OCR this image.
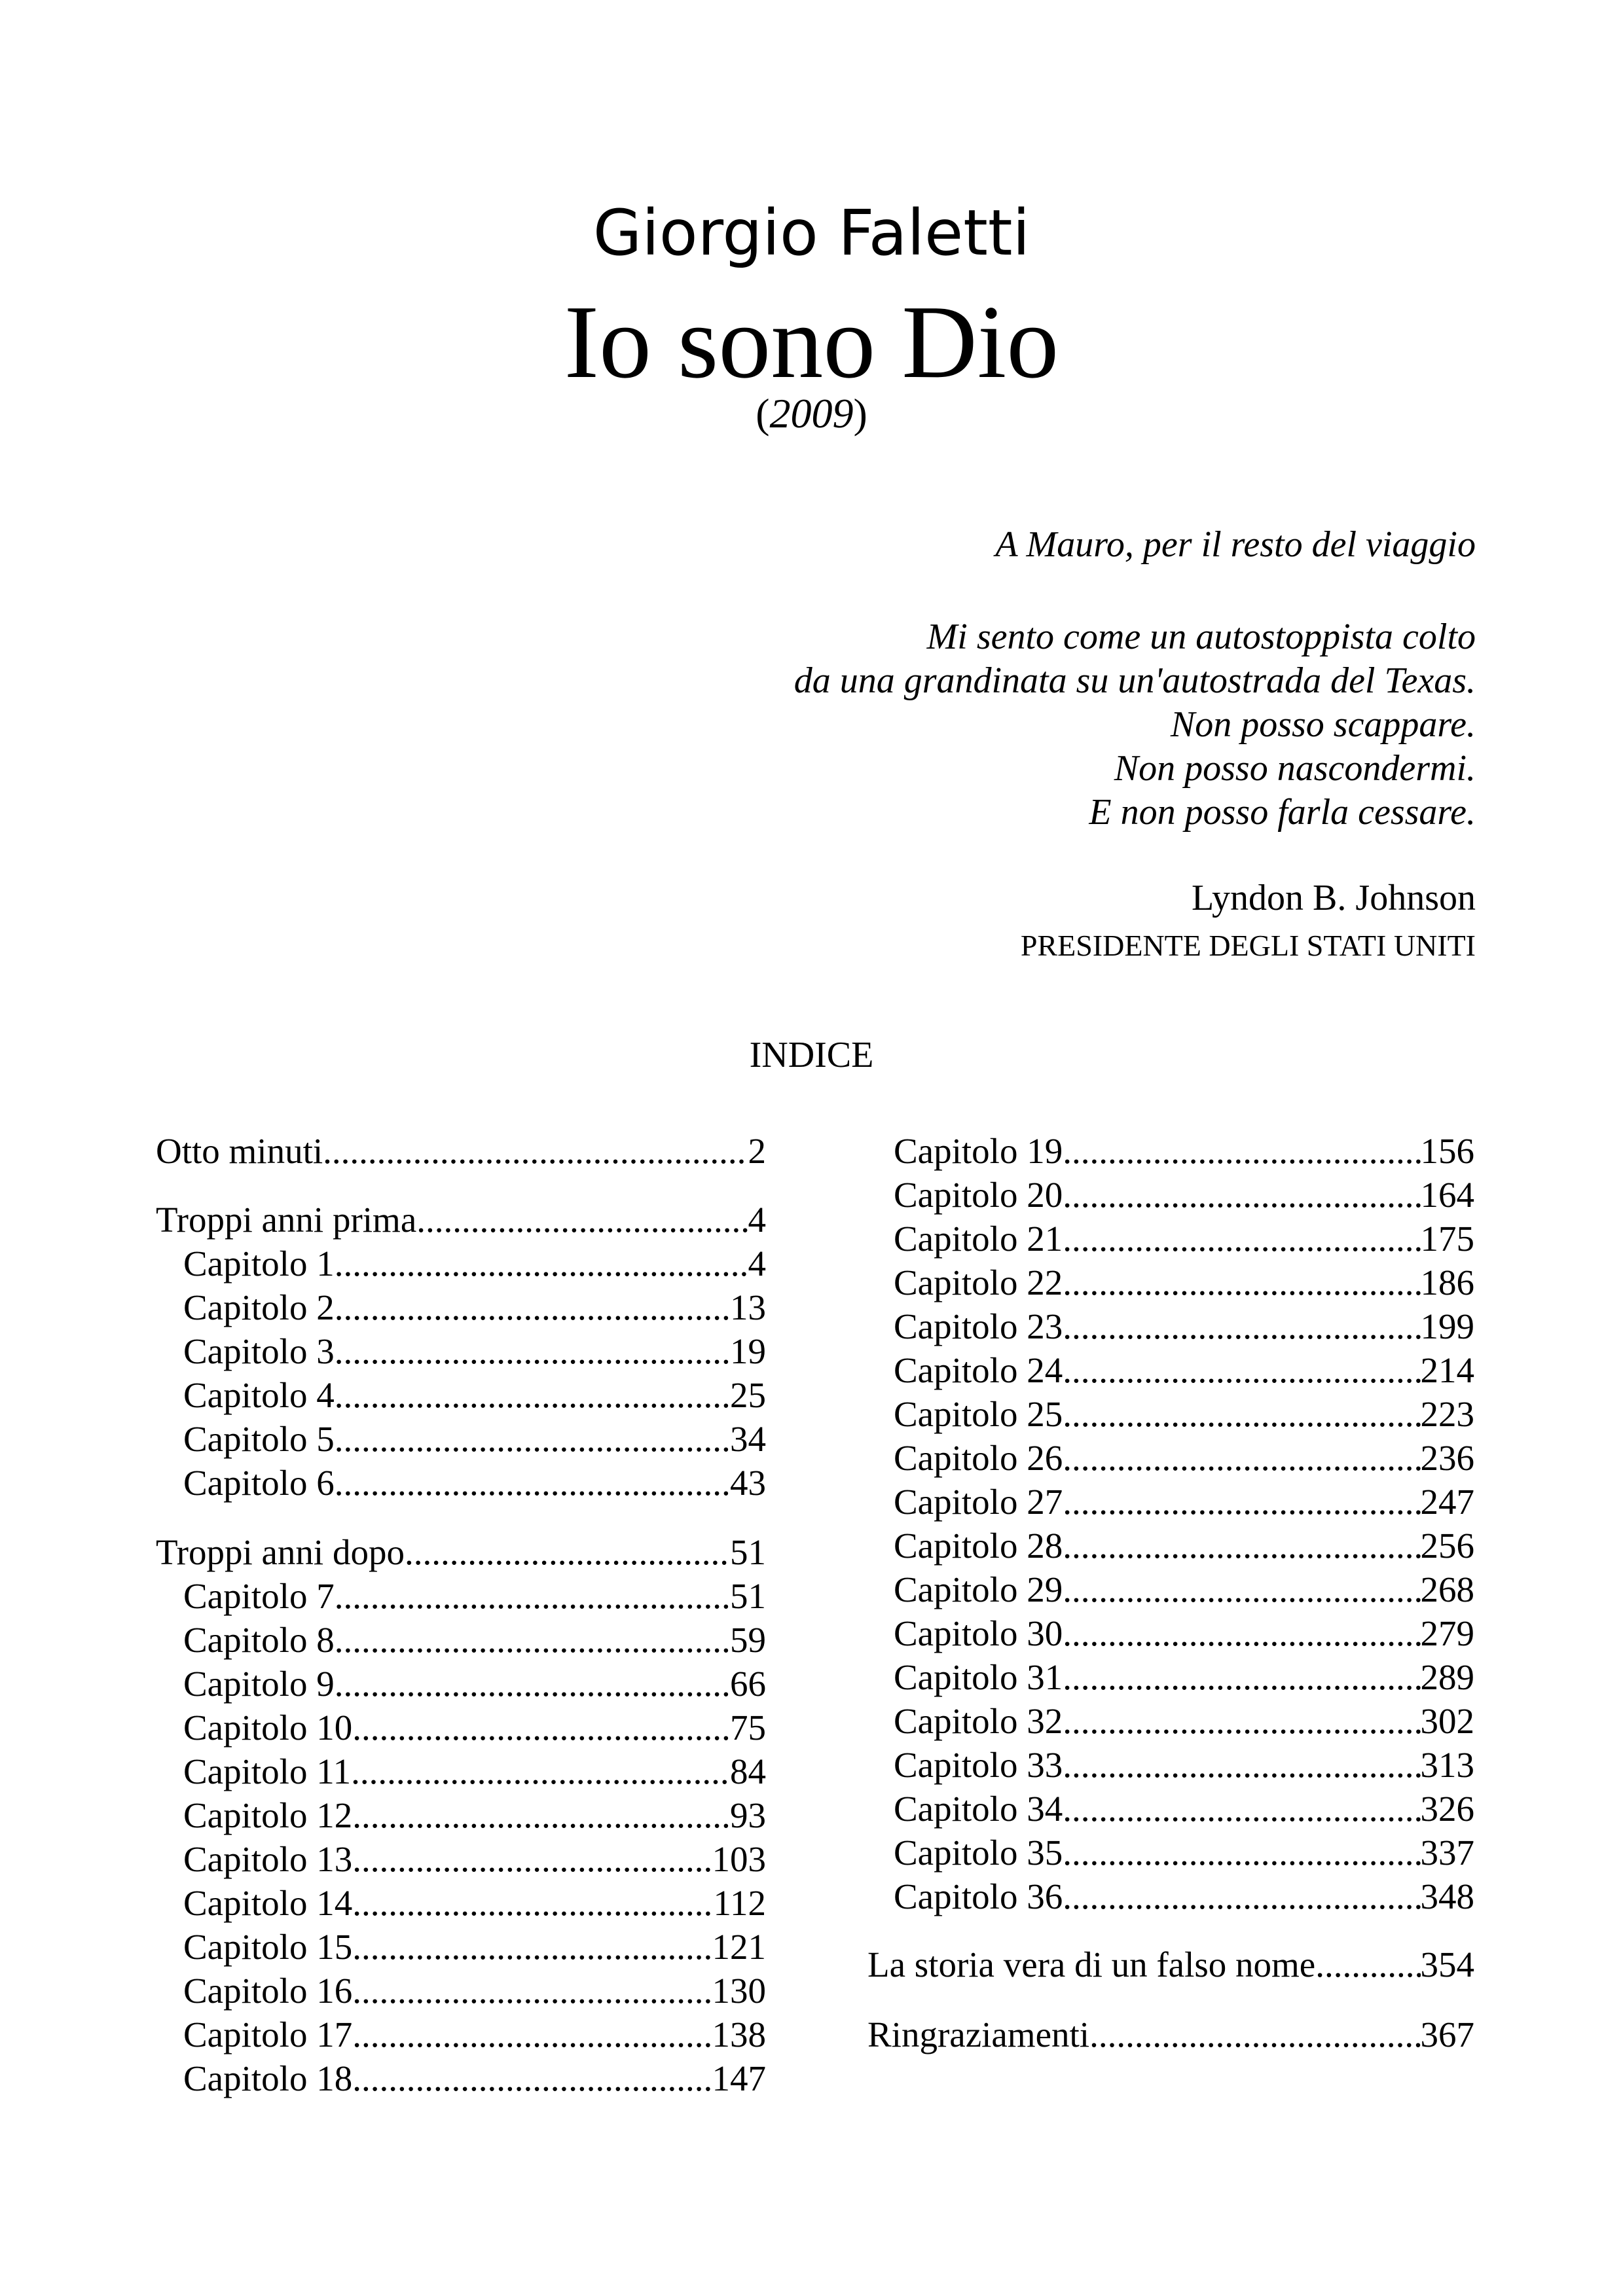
Giorgio Faletti
Io sono Dio
(2009)
A Mauro, per il resto del viaggio
Mi sento come un autostoppista colto
da una grandinata su un'autostrada del Texas.
Non posso scappare.
Non posso nascondermi.
E non posso farla cessare.
Lyndon B. Johnson
PRESIDENTE DEGLI STATI UNITI
INDICE
Otto minuti .....	2
Troppi anni prima .....	4
Capitolo 1 .....	4
Capitolo 2 .....	13
Capitolo 3 .....	19
Capitolo 4 .....	25
Capitolo 5 .....	34
Capitolo 6 .....	43
Troppi anni dopo .....	51
Capitolo 7 .....	51
Capitolo 8 .....	59
Capitolo 9 .....	66
Capitolo 10 .....	75
Capitolo 11 .....	84
Capitolo 12 .....	93
Capitolo 13 .....	103
Capitolo 14 .....	112
Capitolo 15 .....	121
Capitolo 16 .....	130
Capitolo 17 .....	138
Capitolo 18 .....	147
Capitolo 19 .....	156
Capitolo 20 .....	164
Capitolo 21 .....	175
Capitolo 22 .....	186
Capitolo 23 .....	199
Capitolo 24 .....	214
Capitolo 25 .....	223
Capitolo 26 .....	236
Capitolo 27 .....	247
Capitolo 28 .....	256
Capitolo 29 .....	268
Capitolo 30 .....	279
Capitolo 31 .....	289
Capitolo 32 .....	302
Capitolo 33 .....	313
Capitolo 34 .....	326
Capitolo 35 .....	337
Capitolo 36 .....	348
La storia vera di un falso nome .....	354
Ringraziamenti .....	367
